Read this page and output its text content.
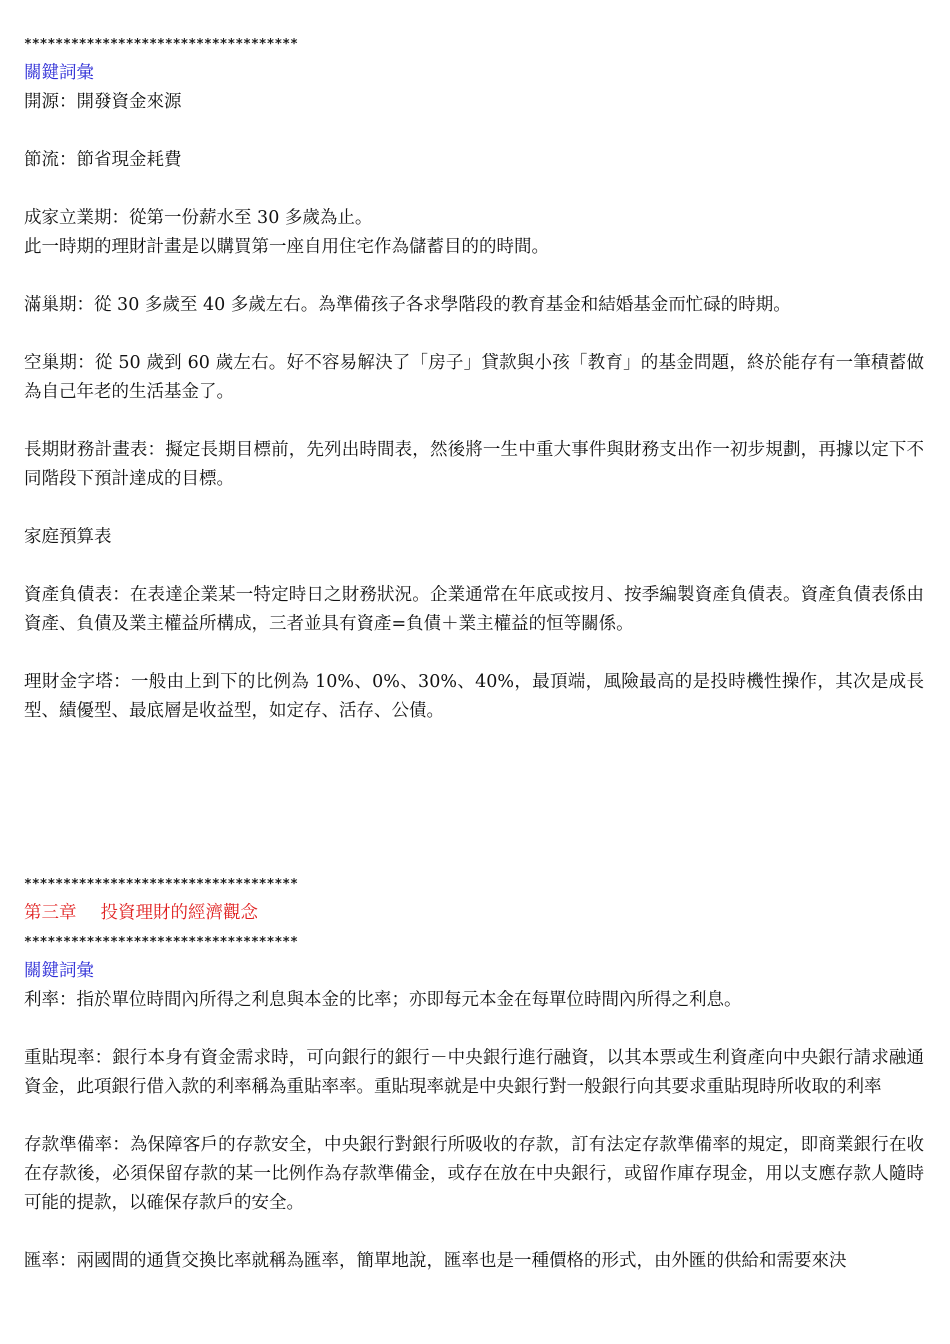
***********************************
關鍵詞彙
開源：開發資金來源
節流：節省現金耗費
成家立業期：從第一份薪水至 30 多歲為止。
此一時期的理財計畫是以購買第一座自用住宅作為儲蓄目的的時間。
滿巢期：從 30 多歲至 40 多歲左右。為準備孩子各求學階段的教育基金和結婚基金而忙碌的時期。
空巢期：從 50 歲到 60 歲左右。好不容易解決了「房子」貸款與小孩「教育」的基金問題，終於能存有一筆積蓄做為自己年老的生活基金了。
長期財務計畫表：擬定長期目標前，先列出時間表，然後將一生中重大事件與財務支出作一初步規劃，再據以定下不同階段下預計達成的目標。
家庭預算表
資產負債表：在表達企業某一特定時日之財務狀況。企業通常在年底或按月、按季編製資產負債表。資產負債表係由資產、負債及業主權益所構成，三者並具有資產=負債＋業主權益的恒等關係。
理財金字塔：一般由上到下的比例為 10%、0%、30%、40%，最頂端，風險最高的是投時機性操作，其次是成長型、績優型、最底層是收益型，如定存、活存、公債。
***********************************
第三章 投資理財的經濟觀念
***********************************
關鍵詞彙
利率：指於單位時間內所得之利息與本金的比率；亦即每元本金在每單位時間內所得之利息。
重貼現率：銀行本身有資金需求時，可向銀行的銀行－中央銀行進行融資，以其本票或生利資產向中央銀行請求融通資金，此項銀行借入款的利率稱為重貼率率。重貼現率就是中央銀行對一般銀行向其要求重貼現時所收取的利率
存款準備率：為保障客戶的存款安全，中央銀行對銀行所吸收的存款，訂有法定存款準備率的規定，即商業銀行在收在存款後，必須保留存款的某一比例作為存款準備金，或存在放在中央銀行，或留作庫存現金，用以支應存款人隨時可能的提款，以確保存款戶的安全。
匯率：兩國間的通貨交換比率就稱為匯率，簡單地說，匯率也是一種價格的形式，由外匯的供給和需要來決
